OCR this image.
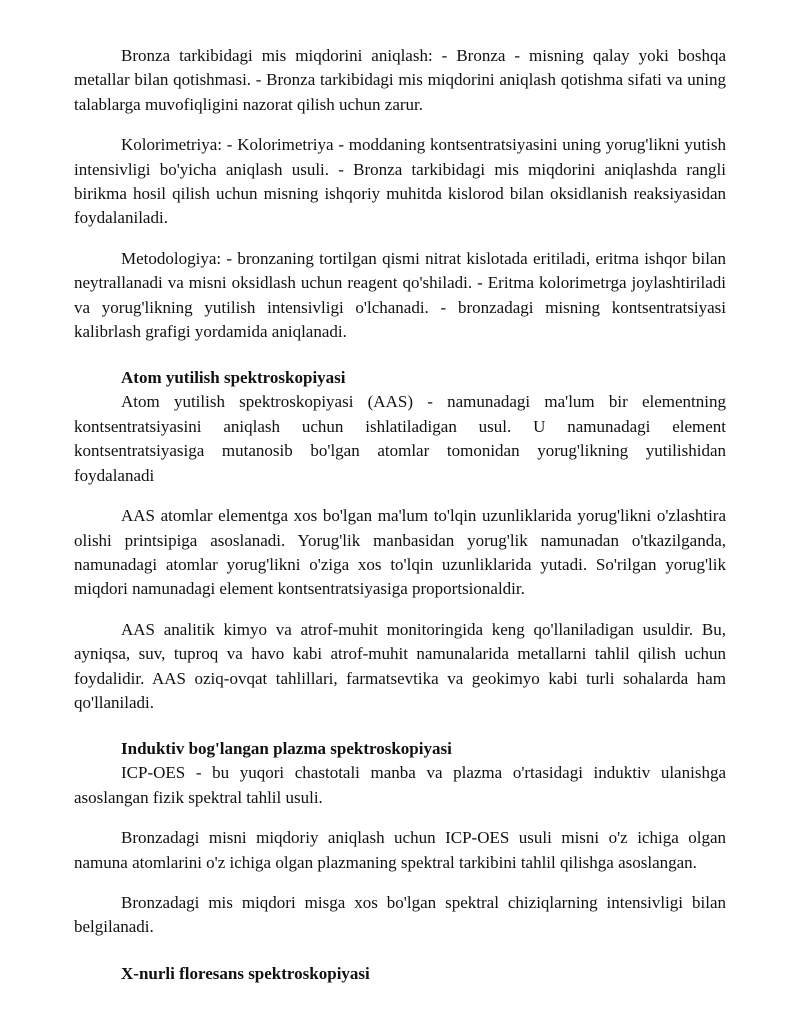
Bronza tarkibidagi mis miqdorini aniqlash: - Bronza - misning qalay yoki boshqa metallar bilan qotishmasi. - Bronza tarkibidagi mis miqdorini aniqlash qotishma sifati va uning talablarga muvofiqligini nazorat qilish uchun zarur.

Kolorimetriya: - Kolorimetriya - moddaning kontsentratsiyasini uning yorug'likni yutish intensivligi bo'yicha aniqlash usuli. - Bronza tarkibidagi mis miqdorini aniqlashda rangli birikma hosil qilish uchun misning ishqoriy muhitda kislorod bilan oksidlanish reaksiyasidan foydalaniladi.

Metodologiya: - bronzaning tortilgan qismi nitrat kislotada eritiladi, eritma ishqor bilan neytrallanadi va misni oksidlash uchun reagent qo'shiladi. - Eritma kolorimetrga joylashtiriladi va yorug'likning yutilish intensivligi o'lchanadi. - bronzadagi misning kontsentratsiyasi kalibrlash grafigi yordamida aniqlanadi.

Atom yutilish spektroskopiyasi

Atom yutilish spektroskopiyasi (AAS) - namunadagi ma'lum bir elementning kontsentratsiyasini aniqlash uchun ishlatiladigan usul. U namunadagi element kontsentratsiyasiga mutanosib bo'lgan atomlar tomonidan yorug'likning yutilishidan foydalanadi

AAS atomlar elementga xos bo'lgan ma'lum to'lqin uzunliklarida yorug'likni o'zlashtira olishi printsipiga asoslanadi. Yorug'lik manbasidan yorug'lik namunadan o'tkazilganda, namunadagi atomlar yorug'likni o'ziga xos to'lqin uzunliklarida yutadi. So'rilgan yorug'lik miqdori namunadagi element kontsentratsiyasiga proportsionaldir.

AAS analitik kimyo va atrof-muhit monitoringida keng qo'llaniladigan usuldir. Bu, ayniqsa, suv, tuproq va havo kabi atrof-muhit namunalarida metallarni tahlil qilish uchun foydalidir. AAS oziq-ovqat tahlillari, farmatsevtika va geokimyo kabi turli sohalarda ham qo'llaniladi.

Induktiv bog'langan plazma spektroskopiyasi

ICP-OES - bu yuqori chastotali manba va plazma o'rtasidagi induktiv ulanishga asoslangan fizik spektral tahlil usuli.

Bronzadagi misni miqdoriy aniqlash uchun ICP-OES usuli misni o'z ichiga olgan namuna atomlarini o'z ichiga olgan plazmaning spektral tarkibini tahlil qilishga asoslangan.

Bronzadagi mis miqdori misga xos bo'lgan spektral chiziqlarning intensivligi bilan belgilanadi.

X-nurli floresans spektroskopiyasi
